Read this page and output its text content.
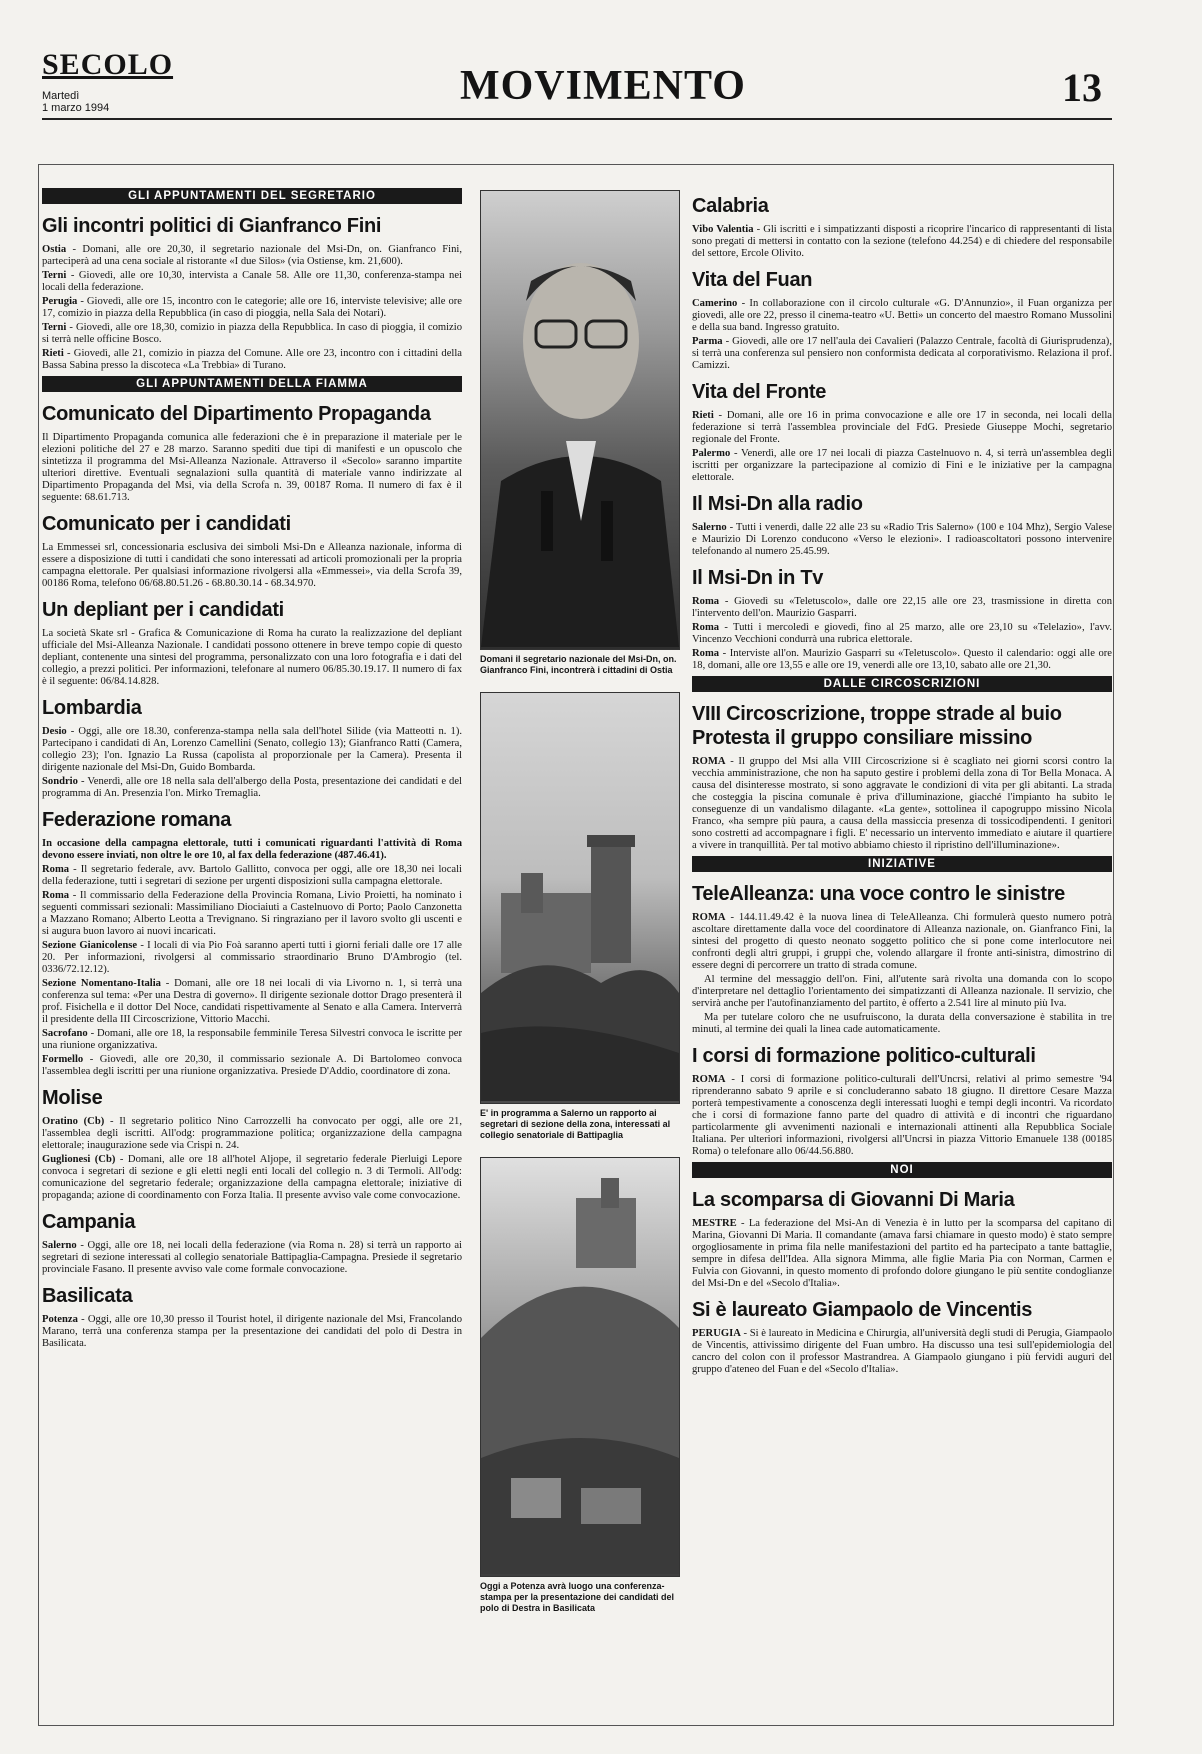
SECOLO
Martedì
1 marzo 1994	MOVIMENTO	13
GLI APPUNTAMENTI DEL SEGRETARIO
Gli incontri politici di Gianfranco Fini

Ostia - Domani, alle ore 20,30, il segretario nazionale del Msi-Dn, on. Gianfranco Fini, parteciperà ad una cena sociale al ristorante «I due Silos» (via Ostiense, km. 21,600).

Terni - Giovedì, alle ore 10,30, intervista a Canale 58. Alle ore 11,30, conferenza-stampa nei locali della federazione.

Perugia - Giovedì, alle ore 15, incontro con le categorie; alle ore 16, interviste televisive; alle ore 17, comizio in piazza della Repubblica (in caso di pioggia, nella Sala dei Notari).

Terni - Giovedì, alle ore 18,30, comizio in piazza della Repubblica. In caso di pioggia, il comizio si terrà nelle officine Bosco.

Rieti - Giovedì, alle 21, comizio in piazza del Comune. Alle ore 23, incontro con i cittadini della Bassa Sabina presso la discoteca «La Trebbia» di Turano.

GLI APPUNTAMENTI DELLA FIAMMA
Comunicato del Dipartimento Propaganda

Il Dipartimento Propaganda comunica alle federazioni che è in preparazione il materiale per le elezioni politiche del 27 e 28 marzo. Saranno spediti due tipi di manifesti e un opuscolo che sintetizza il programma del Msi-Alleanza Nazionale. Attraverso il «Secolo» saranno impartite ulteriori direttive. Eventuali segnalazioni sulla quantità di materiale vanno indirizzate al Dipartimento Propaganda del Msi, via della Scrofa n. 39, 00187 Roma. Il numero di fax è il seguente: 68.61.713.

Comunicato per i candidati

La Emmessei srl, concessionaria esclusiva dei simboli Msi-Dn e Alleanza nazionale, informa di essere a disposizione di tutti i candidati che sono interessati ad articoli promozionali per la propria campagna elettorale. Per qualsiasi informazione rivolgersi alla «Emmessei», via della Scrofa 39, 00186 Roma, telefono 06/68.80.51.26 - 68.80.30.14 - 68.34.970.

Un depliant per i candidati

La società Skate srl - Grafica & Comunicazione di Roma ha curato la realizzazione del depliant ufficiale del Msi-Alleanza Nazionale. I candidati possono ottenere in breve tempo copie di questo depliant, contenente una sintesi del programma, personalizzato con una loro fotografia e i dati del collegio, a prezzi politici. Per informazioni, telefonare al numero 06/85.30.19.17. Il numero di fax è il seguente: 06/84.14.828.

Lombardia

Desio - Oggi, alle ore 18.30, conferenza-stampa nella sala dell'hotel Silide (via Matteotti n. 1). Partecipano i candidati di An, Lorenzo Camellini (Senato, collegio 13); Gianfranco Ratti (Camera, collegio 23); l'on. Ignazio La Russa (capolista al proporzionale per la Camera). Presenta il dirigente nazionale del Msi-Dn, Guido Bombarda.

Sondrio - Venerdì, alle ore 18 nella sala dell'albergo della Posta, presentazione dei candidati e del programma di An. Presenzia l'on. Mirko Tremaglia.

Federazione romana

In occasione della campagna elettorale, tutti i comunicati riguardanti l'attività di Roma devono essere inviati, non oltre le ore 10, al fax della federazione (487.46.41).

Roma - Il segretario federale, avv. Bartolo Gallitto, convoca per oggi, alle ore 18,30 nei locali della federazione, tutti i segretari di sezione per urgenti disposizioni sulla campagna elettorale.

Roma - Il commissario della Federazione della Provincia Romana, Livio Proietti, ha nominato i seguenti commissari sezionali: Massimiliano Diociaiuti a Castelnuovo di Porto; Paolo Canzonetta a Mazzano Romano; Alberto Leotta a Trevignano. Si ringraziano per il lavoro svolto gli uscenti e si augura buon lavoro ai nuovi incaricati.

Sezione Gianicolense - I locali di via Pio Foà saranno aperti tutti i giorni feriali dalle ore 17 alle 20. Per informazioni, rivolgersi al commissario straordinario Bruno D'Ambrogio (tel. 0336/72.12.12).

Sezione Nomentano-Italia - Domani, alle ore 18 nei locali di via Livorno n. 1, si terrà una conferenza sul tema: «Per una Destra di governo». Il dirigente sezionale dottor Drago presenterà il prof. Fisichella e il dottor Del Noce, candidati rispettivamente al Senato e alla Camera. Interverrà il presidente della III Circoscrizione, Vittorio Macchi.

Sacrofano - Domani, alle ore 18, la responsabile femminile Teresa Silvestri convoca le iscritte per una riunione organizzativa.

Formello - Giovedì, alle ore 20,30, il commissario sezionale A. Di Bartolomeo convoca l'assemblea degli iscritti per una riunione organizzativa. Presiede D'Addio, coordinatore di zona.

Molise

Oratino (Cb) - Il segretario politico Nino Carrozzelli ha convocato per oggi, alle ore 21, l'assemblea degli iscritti. All'odg: programmazione politica; organizzazione della campagna elettorale; inaugurazione sede via Crispi n. 24.

Guglionesi (Cb) - Domani, alle ore 18 all'hotel Aljope, il segretario federale Pierluigi Lepore convoca i segretari di sezione e gli eletti negli enti locali del collegio n. 3 di Termoli. All'odg: comunicazione del segretario federale; organizzazione della campagna elettorale; iniziative di propaganda; azione di coordinamento con Forza Italia. Il presente avviso vale come convocazione.

Campania

Salerno - Oggi, alle ore 18, nei locali della federazione (via Roma n. 28) si terrà un rapporto ai segretari di sezione interessati al collegio senatoriale Battipaglia-Campagna. Presiede il segretario provinciale Fasano. Il presente avviso vale come formale convocazione.

Basilicata

Potenza - Oggi, alle ore 10,30 presso il Tourist hotel, il dirigente nazionale del Msi, Francolando Marano, terrà una conferenza stampa per la presentazione dei candidati del polo di Destra in Basilicata.

Domani il segretario nazionale del Msi-Dn, on. Gianfranco Fini, incontrerà i cittadini di Ostia
E' in programma a Salerno un rapporto ai segretari di sezione della zona, interessati al collegio senatoriale di Battipaglia
Oggi a Potenza avrà luogo una conferenza-stampa per la presentazione dei candidati del polo di Destra in Basilicata
Calabria

Vibo Valentia - Gli iscritti e i simpatizzanti disposti a ricoprire l'incarico di rappresentanti di lista sono pregati di mettersi in contatto con la sezione (telefono 44.254) e di chiedere del responsabile del settore, Ercole Olivito.

Vita del Fuan

Camerino - In collaborazione con il circolo culturale «G. D'Annunzio», il Fuan organizza per giovedì, alle ore 22, presso il cinema-teatro «U. Betti» un concerto del maestro Romano Mussolini e della sua band. Ingresso gratuito.

Parma - Giovedì, alle ore 17 nell'aula dei Cavalieri (Palazzo Centrale, facoltà di Giurisprudenza), si terrà una conferenza sul pensiero non conformista dedicata al corporativismo. Relaziona il prof. Camizzi.

Vita del Fronte

Rieti - Domani, alle ore 16 in prima convocazione e alle ore 17 in seconda, nei locali della federazione si terrà l'assemblea provinciale del FdG. Presiede Giuseppe Mochi, segretario regionale del Fronte.

Palermo - Venerdì, alle ore 17 nei locali di piazza Castelnuovo n. 4, si terrà un'assemblea degli iscritti per organizzare la partecipazione al comizio di Fini e le iniziative per la campagna elettorale.

Il Msi-Dn alla radio

Salerno - Tutti i venerdì, dalle 22 alle 23 su «Radio Tris Salerno» (100 e 104 Mhz), Sergio Valese e Maurizio Di Lorenzo conducono «Verso le elezioni». I radioascoltatori possono intervenire telefonando al numero 25.45.99.

Il Msi-Dn in Tv

Roma - Giovedì su «Teletuscolo», dalle ore 22,15 alle ore 23, trasmissione in diretta con l'intervento dell'on. Maurizio Gasparri.

Roma - Tutti i mercoledì e giovedì, fino al 25 marzo, alle ore 23,10 su «Telelazio», l'avv. Vincenzo Vecchioni condurrà una rubrica elettorale.

Roma - Interviste all'on. Maurizio Gasparri su «Teletuscolo». Questo il calendario: oggi alle ore 18, domani, alle ore 13,55 e alle ore 19, venerdì alle ore 13,10, sabato alle ore 21,30.

DALLE CIRCOSCRIZIONI
VIII Circoscrizione, troppe strade al buio Protesta il gruppo consiliare missino

ROMA - Il gruppo del Msi alla VIII Circoscrizione si è scagliato nei giorni scorsi contro la vecchia amministrazione, che non ha saputo gestire i problemi della zona di Tor Bella Monaca. A causa del disinteresse mostrato, si sono aggravate le condizioni di vita per gli abitanti. La strada che costeggia la piscina comunale è priva d'illuminazione, giacché l'impianto ha subito le conseguenze di un vandalismo dilagante. «La gente», sottolinea il capogruppo missino Nicola Franco, «ha sempre più paura, a causa della massiccia presenza di tossicodipendenti. I genitori sono costretti ad accompagnare i figli. E' necessario un intervento immediato e aiutare il quartiere a vivere in tranquillità. Per tal motivo abbiamo chiesto il ripristino dell'illuminazione».

INIZIATIVE
TeleAlleanza: una voce contro le sinistre

ROMA - 144.11.49.42 è la nuova linea di TeleAlleanza. Chi formulerà questo numero potrà ascoltare direttamente dalla voce del coordinatore di Alleanza nazionale, on. Gianfranco Fini, la sintesi del progetto di questo neonato soggetto politico che si pone come interlocutore nei confronti degli altri gruppi, i gruppi che, volendo allargare il fronte anti-sinistra, dimostrino di essere degni di percorrere un tratto di strada comune.

Al termine del messaggio dell'on. Fini, all'utente sarà rivolta una domanda con lo scopo d'interpretare nel dettaglio l'orientamento dei simpatizzanti di Alleanza nazionale. Il servizio, che servirà anche per l'autofinanziamento del partito, è offerto a 2.541 lire al minuto più Iva.

Ma per tutelare coloro che ne usufruiscono, la durata della conversazione è stabilita in tre minuti, al termine dei quali la linea cade automaticamente.

I corsi di formazione politico-culturali

ROMA - I corsi di formazione politico-culturali dell'Uncrsi, relativi al primo semestre '94 riprenderanno sabato 9 aprile e si concluderanno sabato 18 giugno. Il direttore Cesare Mazza porterà tempestivamente a conoscenza degli interessati luoghi e tempi degli incontri. Va ricordato che i corsi di formazione fanno parte del quadro di attività e di incontri che riguardano particolarmente gli avvenimenti nazionali e internazionali attinenti alla Repubblica Sociale Italiana. Per ulteriori informazioni, rivolgersi all'Uncrsi in piazza Vittorio Emanuele 138 (00185 Roma) o telefonare allo 06/44.56.880.

NOI
La scomparsa di Giovanni Di Maria

MESTRE - La federazione del Msi-An di Venezia è in lutto per la scomparsa del capitano di Marina, Giovanni Di Maria. Il comandante (amava farsi chiamare in questo modo) è stato sempre orgogliosamente in prima fila nelle manifestazioni del partito ed ha partecipato a tante battaglie, sempre in difesa dell'Idea. Alla signora Mimma, alle figlie Maria Pia con Norman, Carmen e Fulvia con Giovanni, in questo momento di profondo dolore giungano le più sentite condoglianze del Msi-Dn e del «Secolo d'Italia».

Si è laureato Giampaolo de Vincentis

PERUGIA - Si è laureato in Medicina e Chirurgia, all'università degli studi di Perugia, Giampaolo de Vincentis, attivissimo dirigente del Fuan umbro. Ha discusso una tesi sull'epidemiologia del cancro del colon con il professor Mastrandrea. A Giampaolo giungano i più fervidi auguri del gruppo d'ateneo del Fuan e del «Secolo d'Italia».
